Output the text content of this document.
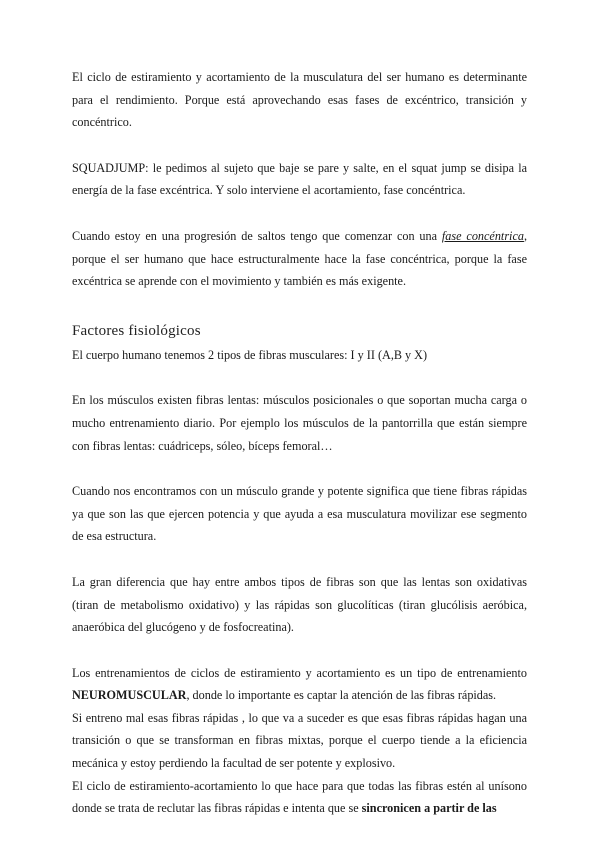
El ciclo de estiramiento y acortamiento de la musculatura del ser humano es determinante para el rendimiento. Porque está aprovechando esas fases de excéntrico, transición y concéntrico.

SQUADJUMP: le pedimos al sujeto que baje se pare y salte, en el squat jump se disipa la energía de la fase excéntrica. Y solo interviene el acortamiento, fase concéntrica.

Cuando estoy en una progresión de saltos tengo que comenzar con una fase concéntrica, porque el ser humano que hace estructuralmente hace la fase concéntrica, porque la fase excéntrica se aprende con el movimiento y también es más exigente.

Factores fisiológicos

El cuerpo humano tenemos 2 tipos de fibras musculares: I y II (A,B y X)

En los músculos existen fibras lentas: músculos posicionales o que soportan mucha carga o mucho entrenamiento diario. Por ejemplo los músculos de la pantorrilla que están siempre con fibras lentas: cuádriceps, sóleo, bíceps femoral…

Cuando nos encontramos con un músculo grande y potente significa que tiene fibras rápidas ya que son las que ejercen potencia y que ayuda a esa musculatura movilizar ese segmento de esa estructura.

La gran diferencia que hay entre ambos tipos de fibras son que las lentas son oxidativas (tiran de metabolismo oxidativo) y las rápidas son glucolíticas (tiran glucólisis aeróbica, anaeróbica del glucógeno y de fosfocreatina).

Los entrenamientos de ciclos de estiramiento y acortamiento es un tipo de entrenamiento NEUROMUSCULAR, donde lo importante es captar la atención de las fibras rápidas.

Si entreno mal esas fibras rápidas , lo que va a suceder es que esas fibras rápidas hagan una transición o que se transforman en fibras mixtas, porque el cuerpo tiende a la eficiencia mecánica y estoy perdiendo la facultad de ser potente y explosivo.

El ciclo de estiramiento-acortamiento lo que hace para que todas las fibras estén al unísono donde se trata de reclutar las fibras rápidas e intenta que se sincronicen a partir de las
